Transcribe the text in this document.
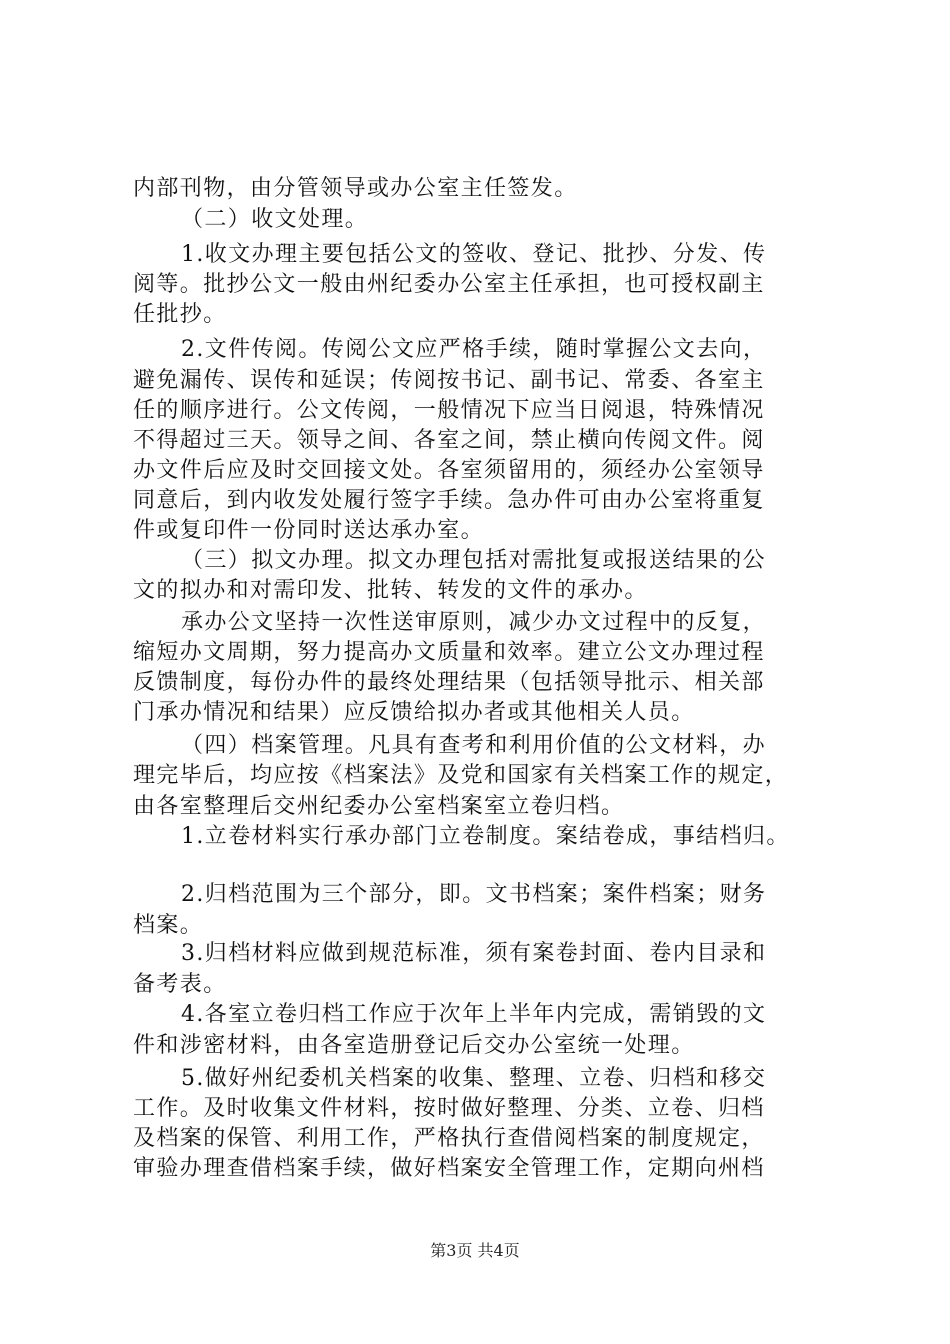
内部刊物，由分管领导或办公室主任签发。
（二）收文处理。
1.收文办理主要包括公文的签收、登记、批抄、分发、传
阅等。批抄公文一般由州纪委办公室主任承担，也可授权副主
任批抄。
2.文件传阅。传阅公文应严格手续，随时掌握公文去向，
避免漏传、误传和延误；传阅按书记、副书记、常委、各室主
任的顺序进行。公文传阅，一般情况下应当日阅退，特殊情况
不得超过三天。领导之间、各室之间，禁止横向传阅文件。阅
办文件后应及时交回接文处。各室须留用的，须经办公室领导
同意后，到内收发处履行签字手续。急办件可由办公室将重复
件或复印件一份同时送达承办室。
（三）拟文办理。拟文办理包括对需批复或报送结果的公
文的拟办和对需印发、批转、转发的文件的承办。
承办公文坚持一次性送审原则，减少办文过程中的反复，
缩短办文周期，努力提高办文质量和效率。建立公文办理过程
反馈制度，每份办件的最终处理结果（包括领导批示、相关部
门承办情况和结果）应反馈给拟办者或其他相关人员。
（四）档案管理。凡具有查考和利用价值的公文材料，办
理完毕后，均应按《档案法》及党和国家有关档案工作的规定，
由各室整理后交州纪委办公室档案室立卷归档。
1.立卷材料实行承办部门立卷制度。案结卷成，事结档归。
2.归档范围为三个部分，即。文书档案；案件档案；财务
档案。
3.归档材料应做到规范标准，须有案卷封面、卷内目录和
备考表。
4.各室立卷归档工作应于次年上半年内完成，需销毁的文
件和涉密材料，由各室造册登记后交办公室统一处理。
5.做好州纪委机关档案的收集、整理、立卷、归档和移交
工作。及时收集文件材料，按时做好整理、分类、立卷、归档
及档案的保管、利用工作，严格执行查借阅档案的制度规定，
审验办理查借档案手续，做好档案安全管理工作，定期向州档
第3页 共4页
